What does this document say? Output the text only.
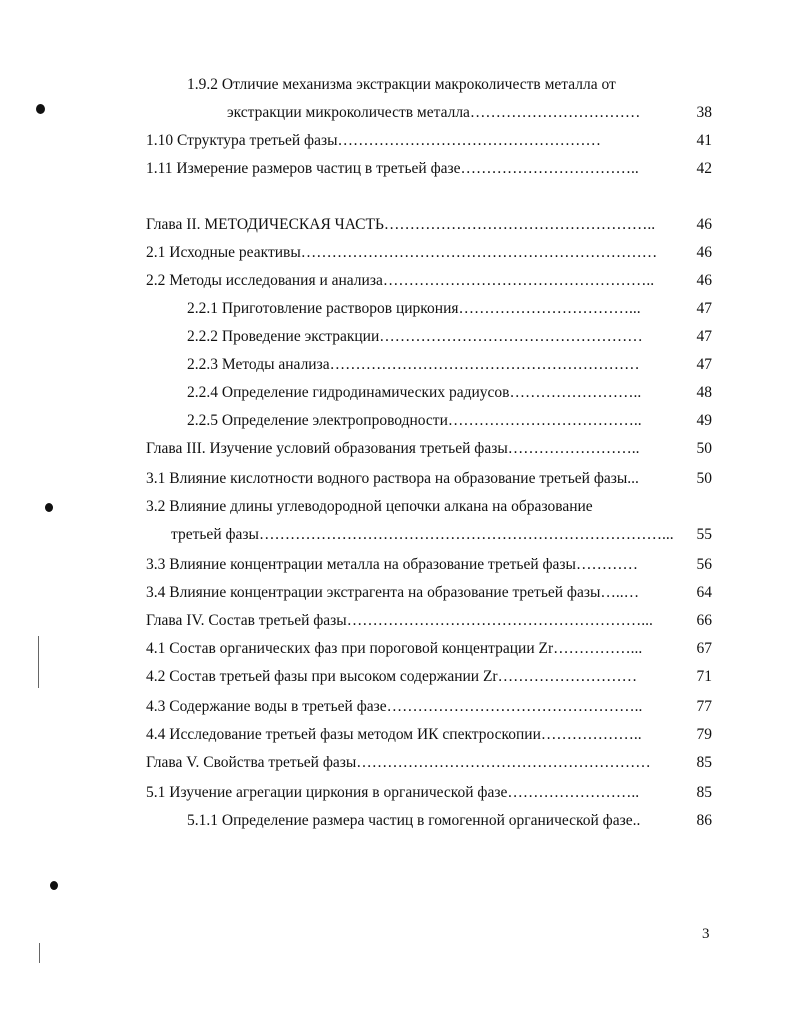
1.9.2 Отличие механизма экстракции макроколичеств металла от
экстракции микроколичеств металла……………………………	38
1.10 Структура третьей фазы……………………………………………	41
1.11 Измерение размеров частиц в третьей фазе……………………………..	42
Глава II. МЕТОДИЧЕСКАЯ ЧАСТЬ……………………………………………..	46
2.1 Исходные реактивы……………………………………………………………	46
2.2 Методы исследования и анализа……………………………………………..	46
2.2.1 Приготовление растворов циркония……………………………...	47
2.2.2 Проведение экстракции……………………………………………	47
2.2.3 Методы анализа……………………………………………………	47
2.2.4 Определение гидродинамических радиусов……………………..	48
2.2.5 Определение электропроводности………………………………..	49
Глава III. Изучение условий образования третьей фазы……………………..	50
3.1 Влияние кислотности водного раствора на образование третьей фазы...	50
3.2 Влияние длины углеводородной цепочки алкана на образование
третьей фазы……………………………………………………………………...	55
3.3 Влияние концентрации металла на образование третьей фазы…………	56
3.4 Влияние концентрации экстрагента на образование третьей фазы…..…	64
Глава IV. Состав третьей фазы…………………………………………………...	66
4.1 Состав органических фаз при пороговой концентрации Zr……………...	67
4.2 Состав третьей фазы при высоком содержании Zr………………………	71
4.3 Содержание воды в третьей фазе…………………………………………..	77
4.4 Исследование третьей фазы методом ИК спектроскопии………………..	79
Глава V. Свойства третьей фазы…………………………………………………	85
5.1 Изучение агрегации циркония в органической фазе……………………..	85
5.1.1 Определение размера частиц в гомогенной органической фазе..	86
3
